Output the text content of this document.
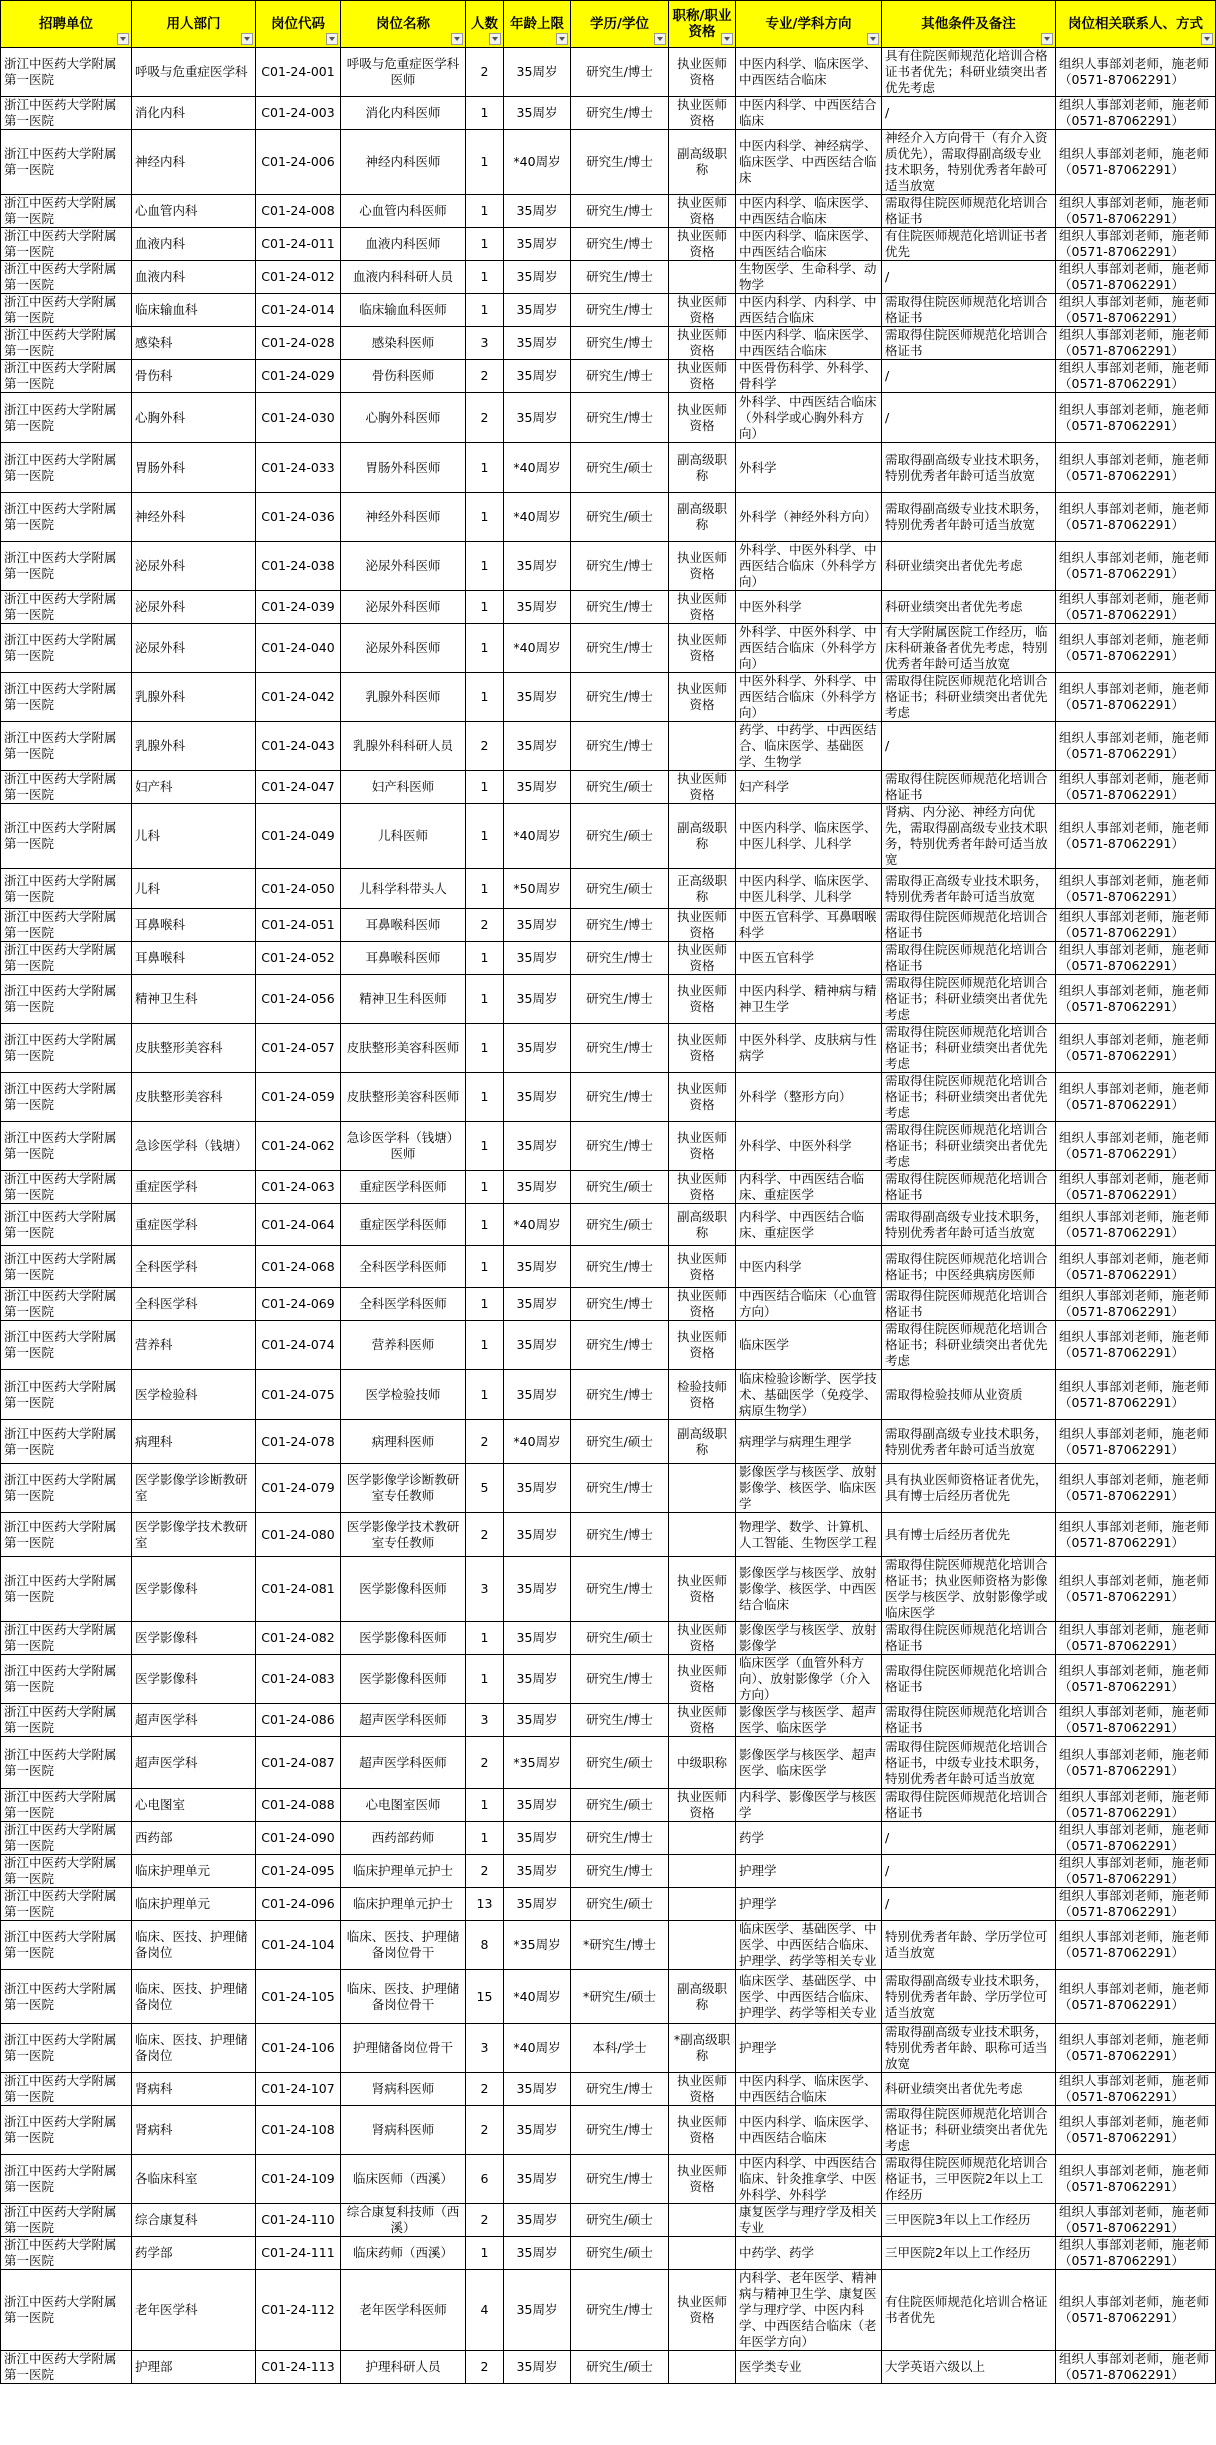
招聘单位	用人部门	岗位代码	岗位名称	人数	年龄上限	学历/学位	职称/职业资格	专业/学科方向	其他条件及备注	岗位相关联系人、方式

浙江中医药大学附属第一医院	呼吸与危重症医学科	C01-24-001	呼吸与危重症医学科医师	2	35周岁	研究生/博士	执业医师资格	中医内科学、临床医学、中西医结合临床	具有住院医师规范化培训合格证书者优先；科研业绩突出者优先考虑	组织人事部刘老师，施老师（0571-87062291）
浙江中医药大学附属第一医院	消化内科	C01-24-003	消化内科医师	1	35周岁	研究生/博士	执业医师资格	中医内科学、中西医结合临床	/	组织人事部刘老师，施老师（0571-87062291）
浙江中医药大学附属第一医院	神经内科	C01-24-006	神经内科医师	1	*40周岁	研究生/博士	副高级职称	中医内科学、神经病学、临床医学、中西医结合临床	神经介入方向骨干（有介入资质优先），需取得副高级专业技术职务，特别优秀者年龄可适当放宽	组织人事部刘老师，施老师（0571-87062291）
浙江中医药大学附属第一医院	心血管内科	C01-24-008	心血管内科医师	1	35周岁	研究生/博士	执业医师资格	中医内科学、临床医学、中西医结合临床	需取得住院医师规范化培训合格证书	组织人事部刘老师，施老师（0571-87062291）
浙江中医药大学附属第一医院	血液内科	C01-24-011	血液内科医师	1	35周岁	研究生/博士	执业医师资格	中医内科学、临床医学、中西医结合临床	有住院医师规范化培训证书者优先	组织人事部刘老师，施老师（0571-87062291）
浙江中医药大学附属第一医院	血液内科	C01-24-012	血液内科科研人员	1	35周岁	研究生/博士		生物医学、生命科学、动物学	/	组织人事部刘老师，施老师（0571-87062291）
浙江中医药大学附属第一医院	临床输血科	C01-24-014	临床输血科医师	1	35周岁	研究生/博士	执业医师资格	中医内科学、内科学、中西医结合临床	需取得住院医师规范化培训合格证书	组织人事部刘老师，施老师（0571-87062291）
浙江中医药大学附属第一医院	感染科	C01-24-028	感染科医师	3	35周岁	研究生/博士	执业医师资格	中医内科学、临床医学、中西医结合临床	需取得住院医师规范化培训合格证书	组织人事部刘老师，施老师（0571-87062291）
浙江中医药大学附属第一医院	骨伤科	C01-24-029	骨伤科医师	2	35周岁	研究生/博士	执业医师资格	中医骨伤科学、外科学、骨科学	/	组织人事部刘老师，施老师（0571-87062291）
浙江中医药大学附属第一医院	心胸外科	C01-24-030	心胸外科医师	2	35周岁	研究生/博士	执业医师资格	外科学、中西医结合临床（外科学或心胸外科方向）	/	组织人事部刘老师，施老师（0571-87062291）
浙江中医药大学附属第一医院	胃肠外科	C01-24-033	胃肠外科医师	1	*40周岁	研究生/硕士	副高级职称	外科学	需取得副高级专业技术职务，特别优秀者年龄可适当放宽	组织人事部刘老师，施老师（0571-87062291）
浙江中医药大学附属第一医院	神经外科	C01-24-036	神经外科医师	1	*40周岁	研究生/硕士	副高级职称	外科学（神经外科方向）	需取得副高级专业技术职务，特别优秀者年龄可适当放宽	组织人事部刘老师，施老师（0571-87062291）
浙江中医药大学附属第一医院	泌尿外科	C01-24-038	泌尿外科医师	1	35周岁	研究生/博士	执业医师资格	外科学、中医外科学、中西医结合临床（外科学方向）	科研业绩突出者优先考虑	组织人事部刘老师，施老师（0571-87062291）
浙江中医药大学附属第一医院	泌尿外科	C01-24-039	泌尿外科医师	1	35周岁	研究生/博士	执业医师资格	中医外科学	科研业绩突出者优先考虑	组织人事部刘老师，施老师（0571-87062291）
浙江中医药大学附属第一医院	泌尿外科	C01-24-040	泌尿外科医师	1	*40周岁	研究生/博士	执业医师资格	外科学、中医外科学、中西医结合临床（外科学方向）	有大学附属医院工作经历，临床科研兼备者优先考虑，特别优秀者年龄可适当放宽	组织人事部刘老师，施老师（0571-87062291）
浙江中医药大学附属第一医院	乳腺外科	C01-24-042	乳腺外科医师	1	35周岁	研究生/博士	执业医师资格	中医外科学、外科学、中西医结合临床（外科学方向）	需取得住院医师规范化培训合格证书；科研业绩突出者优先考虑	组织人事部刘老师，施老师（0571-87062291）
浙江中医药大学附属第一医院	乳腺外科	C01-24-043	乳腺外科科研人员	2	35周岁	研究生/博士		药学、中药学、中西医结合、临床医学、基础医学、生物学	/	组织人事部刘老师，施老师（0571-87062291）
浙江中医药大学附属第一医院	妇产科	C01-24-047	妇产科医师	1	35周岁	研究生/硕士	执业医师资格	妇产科学	需取得住院医师规范化培训合格证书	组织人事部刘老师，施老师（0571-87062291）
浙江中医药大学附属第一医院	儿科	C01-24-049	儿科医师	1	*40周岁	研究生/硕士	副高级职称	中医内科学、临床医学、中医儿科学、儿科学	肾病、内分泌、神经方向优先，需取得副高级专业技术职务，特别优秀者年龄可适当放宽	组织人事部刘老师，施老师（0571-87062291）
浙江中医药大学附属第一医院	儿科	C01-24-050	儿科学科带头人	1	*50周岁	研究生/硕士	正高级职称	中医内科学、临床医学、中医儿科学、儿科学	需取得正高级专业技术职务，特别优秀者年龄可适当放宽	组织人事部刘老师，施老师（0571-87062291）
浙江中医药大学附属第一医院	耳鼻喉科	C01-24-051	耳鼻喉科医师	2	35周岁	研究生/博士	执业医师资格	中医五官科学、耳鼻咽喉科学	需取得住院医师规范化培训合格证书	组织人事部刘老师，施老师（0571-87062291）
浙江中医药大学附属第一医院	耳鼻喉科	C01-24-052	耳鼻喉科医师	1	35周岁	研究生/博士	执业医师资格	中医五官科学	需取得住院医师规范化培训合格证书	组织人事部刘老师，施老师（0571-87062291）
浙江中医药大学附属第一医院	精神卫生科	C01-24-056	精神卫生科医师	1	35周岁	研究生/博士	执业医师资格	中医内科学、精神病与精神卫生学	需取得住院医师规范化培训合格证书；科研业绩突出者优先考虑	组织人事部刘老师，施老师（0571-87062291）
浙江中医药大学附属第一医院	皮肤整形美容科	C01-24-057	皮肤整形美容科医师	1	35周岁	研究生/博士	执业医师资格	中医外科学、皮肤病与性病学	需取得住院医师规范化培训合格证书；科研业绩突出者优先考虑	组织人事部刘老师，施老师（0571-87062291）
浙江中医药大学附属第一医院	皮肤整形美容科	C01-24-059	皮肤整形美容科医师	1	35周岁	研究生/博士	执业医师资格	外科学（整形方向）	需取得住院医师规范化培训合格证书；科研业绩突出者优先考虑	组织人事部刘老师，施老师（0571-87062291）
浙江中医药大学附属第一医院	急诊医学科（钱塘）	C01-24-062	急诊医学科（钱塘）医师	1	35周岁	研究生/博士	执业医师资格	外科学、中医外科学	需取得住院医师规范化培训合格证书；科研业绩突出者优先考虑	组织人事部刘老师，施老师（0571-87062291）
浙江中医药大学附属第一医院	重症医学科	C01-24-063	重症医学科医师	1	35周岁	研究生/硕士	执业医师资格	内科学、中西医结合临床、重症医学	需取得住院医师规范化培训合格证书	组织人事部刘老师，施老师（0571-87062291）
浙江中医药大学附属第一医院	重症医学科	C01-24-064	重症医学科医师	1	*40周岁	研究生/硕士	副高级职称	内科学、中西医结合临床、重症医学	需取得副高级专业技术职务，特别优秀者年龄可适当放宽	组织人事部刘老师，施老师（0571-87062291）
浙江中医药大学附属第一医院	全科医学科	C01-24-068	全科医学科医师	1	35周岁	研究生/博士	执业医师资格	中医内科学	需取得住院医师规范化培训合格证书；中医经典病房医师	组织人事部刘老师，施老师（0571-87062291）
浙江中医药大学附属第一医院	全科医学科	C01-24-069	全科医学科医师	1	35周岁	研究生/博士	执业医师资格	中西医结合临床（心血管方向）	需取得住院医师规范化培训合格证书	组织人事部刘老师，施老师（0571-87062291）
浙江中医药大学附属第一医院	营养科	C01-24-074	营养科医师	1	35周岁	研究生/博士	执业医师资格	临床医学	需取得住院医师规范化培训合格证书；科研业绩突出者优先考虑	组织人事部刘老师，施老师（0571-87062291）
浙江中医药大学附属第一医院	医学检验科	C01-24-075	医学检验技师	1	35周岁	研究生/博士	检验技师资格	临床检验诊断学、医学技术、基础医学（免疫学、病原生物学）	需取得检验技师从业资质	组织人事部刘老师，施老师（0571-87062291）
浙江中医药大学附属第一医院	病理科	C01-24-078	病理科医师	2	*40周岁	研究生/硕士	副高级职称	病理学与病理生理学	需取得副高级专业技术职务，特别优秀者年龄可适当放宽	组织人事部刘老师，施老师（0571-87062291）
浙江中医药大学附属第一医院	医学影像学诊断教研室	C01-24-079	医学影像学诊断教研室专任教师	5	35周岁	研究生/博士		影像医学与核医学、放射影像学、核医学、临床医学	具有执业医师资格证者优先，具有博士后经历者优先	组织人事部刘老师，施老师（0571-87062291）
浙江中医药大学附属第一医院	医学影像学技术教研室	C01-24-080	医学影像学技术教研室专任教师	2	35周岁	研究生/博士		物理学、数学、计算机、人工智能、生物医学工程	具有博士后经历者优先	组织人事部刘老师，施老师（0571-87062291）
浙江中医药大学附属第一医院	医学影像科	C01-24-081	医学影像科医师	3	35周岁	研究生/博士	执业医师资格	影像医学与核医学、放射影像学、核医学、中西医结合临床	需取得住院医师规范化培训合格证书；执业医师资格为影像医学与核医学、放射影像学或临床医学	组织人事部刘老师，施老师（0571-87062291）
浙江中医药大学附属第一医院	医学影像科	C01-24-082	医学影像科医师	1	35周岁	研究生/硕士	执业医师资格	影像医学与核医学、放射影像学	需取得住院医师规范化培训合格证书	组织人事部刘老师，施老师（0571-87062291）
浙江中医药大学附属第一医院	医学影像科	C01-24-083	医学影像科医师	1	35周岁	研究生/博士	执业医师资格	临床医学（血管外科方向）、放射影像学（介入方向）	需取得住院医师规范化培训合格证书	组织人事部刘老师，施老师（0571-87062291）
浙江中医药大学附属第一医院	超声医学科	C01-24-086	超声医学科医师	3	35周岁	研究生/博士	执业医师资格	影像医学与核医学、超声医学、临床医学	需取得住院医师规范化培训合格证书	组织人事部刘老师，施老师（0571-87062291）
浙江中医药大学附属第一医院	超声医学科	C01-24-087	超声医学科医师	2	*35周岁	研究生/硕士	中级职称	影像医学与核医学、超声医学、临床医学	需取得住院医师规范化培训合格证书，中级专业技术职务，特别优秀者年龄可适当放宽	组织人事部刘老师，施老师（0571-87062291）
浙江中医药大学附属第一医院	心电图室	C01-24-088	心电图室医师	1	35周岁	研究生/硕士	执业医师资格	内科学、影像医学与核医学	需取得住院医师规范化培训合格证书	组织人事部刘老师，施老师（0571-87062291）
浙江中医药大学附属第一医院	西药部	C01-24-090	西药部药师	1	35周岁	研究生/博士		药学	/	组织人事部刘老师，施老师（0571-87062291）
浙江中医药大学附属第一医院	临床护理单元	C01-24-095	临床护理单元护士	2	35周岁	研究生/博士		护理学	/	组织人事部刘老师，施老师（0571-87062291）
浙江中医药大学附属第一医院	临床护理单元	C01-24-096	临床护理单元护士	13	35周岁	研究生/硕士		护理学	/	组织人事部刘老师，施老师（0571-87062291）
浙江中医药大学附属第一医院	临床、医技、护理储备岗位	C01-24-104	临床、医技、护理储备岗位骨干	8	*35周岁	*研究生/博士		临床医学、基础医学、中医学、中西医结合临床、护理学、药学等相关专业	特别优秀者年龄、学历学位可适当放宽	组织人事部刘老师，施老师（0571-87062291）
浙江中医药大学附属第一医院	临床、医技、护理储备岗位	C01-24-105	临床、医技、护理储备岗位骨干	15	*40周岁	*研究生/硕士	副高级职称	临床医学、基础医学、中医学、中西医结合临床、护理学、药学等相关专业	需取得副高级专业技术职务，特别优秀者年龄、学历学位可适当放宽	组织人事部刘老师，施老师（0571-87062291）
浙江中医药大学附属第一医院	临床、医技、护理储备岗位	C01-24-106	护理储备岗位骨干	3	*40周岁	本科/学士	*副高级职称	护理学	需取得副高级专业技术职务，特别优秀者年龄、职称可适当放宽	组织人事部刘老师，施老师（0571-87062291）
浙江中医药大学附属第一医院	肾病科	C01-24-107	肾病科医师	2	35周岁	研究生/博士	执业医师资格	中医内科学、临床医学、中西医结合临床	科研业绩突出者优先考虑	组织人事部刘老师，施老师（0571-87062291）
浙江中医药大学附属第一医院	肾病科	C01-24-108	肾病科医师	2	35周岁	研究生/博士	执业医师资格	中医内科学、临床医学、中西医结合临床	需取得住院医师规范化培训合格证书；科研业绩突出者优先考虑	组织人事部刘老师，施老师（0571-87062291）
浙江中医药大学附属第一医院	各临床科室	C01-24-109	临床医师（西溪）	6	35周岁	研究生/博士	执业医师资格	中医内科学、中西医结合临床、针灸推拿学、中医外科学、外科学	需取得住院医师规范化培训合格证书，三甲医院2年以上工作经历	组织人事部刘老师，施老师（0571-87062291）
浙江中医药大学附属第一医院	综合康复科	C01-24-110	综合康复科技师（西溪）	2	35周岁	研究生/硕士		康复医学与理疗学及相关专业	三甲医院3年以上工作经历	组织人事部刘老师，施老师（0571-87062291）
浙江中医药大学附属第一医院	药学部	C01-24-111	临床药师（西溪）	1	35周岁	研究生/硕士		中药学、药学	三甲医院2年以上工作经历	组织人事部刘老师，施老师（0571-87062291）
浙江中医药大学附属第一医院	老年医学科	C01-24-112	老年医学科医师	4	35周岁	研究生/博士	执业医师资格	内科学、老年医学、精神病与精神卫生学、康复医学与理疗学、中医内科学、中西医结合临床（老年医学方向）	有住院医师规范化培训合格证书者优先	组织人事部刘老师，施老师（0571-87062291）
浙江中医药大学附属第一医院	护理部	C01-24-113	护理科研人员	2	35周岁	研究生/硕士		医学类专业	大学英语六级以上	组织人事部刘老师，施老师（0571-87062291）
